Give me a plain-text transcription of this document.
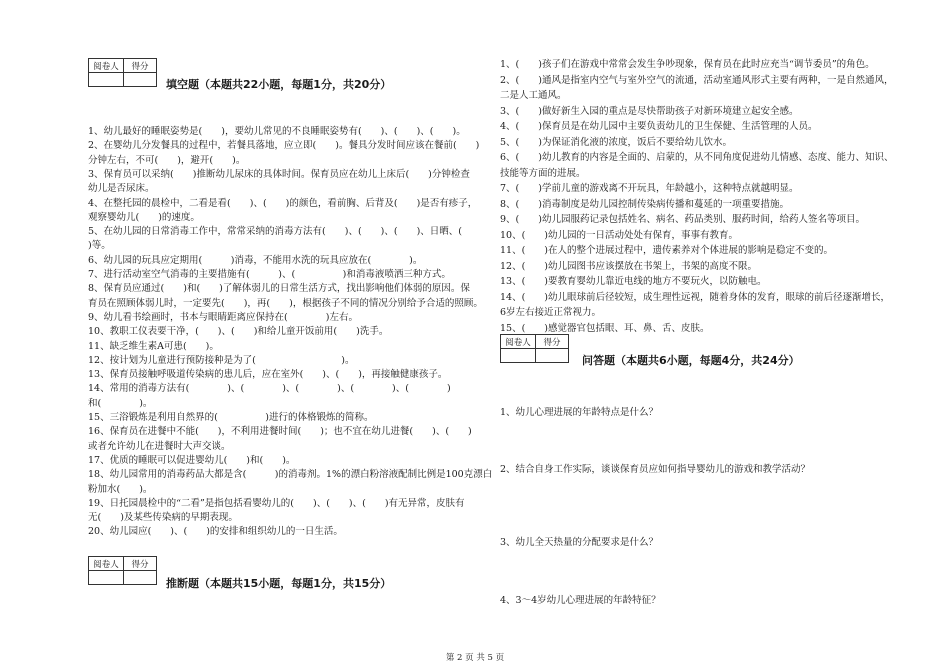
阅卷人	得分

填空题（本题共22小题，每题1分，共20分）
1、幼儿最好的睡眠姿势是(　　)，要幼儿常见的不良睡眠姿势有(　　)、(　　)、(　　)。
2、在婴幼儿分发餐具的过程中，若餐具落地，应立即(　　)。餐具分发时间应该在餐前(　　)
分钟左右，不可(　　)，避开(　　)。
3、保育员可以采纳(　　)推断幼儿尿床的具体时间。保育员应在幼儿上床后(　　)分钟检查
幼儿是否尿床。
4、在整托园的晨检中，二看是看(　　)、(　　)的颜色，看前胸、后背及(　　)是否有疹子，
观察婴幼儿(　　)的速度。
5、在幼儿园的日常消毒工作中，常常采纳的消毒方法有(　　)、(　　)、(　　)、日晒、(　　
)等。
6、幼儿园的玩具应定期用(　　　)消毒，不能用水洗的玩具应放在(　　　　)。
7、进行活动室空气消毒的主要措施有(　　　)、(　　　　　)和消毒液喷洒三种方式。
8、保育员应通过(　　)和(　　)了解体弱儿的日常生活方式，找出影响他们体弱的原因。保
育员在照顾体弱儿时，一定要先(　　)，再(　　)，根据孩子不同的情况分别给予合适的照顾。
9、幼儿看书绘画时，书本与眼睛距离应保持在(　　　　)左右。
10、教职工仪表要干净，(　　)、(　　)和给儿童开饭前用(　　)洗手。
11、缺乏维生素A可患(　　)。
12、按计划为儿童进行预防接种是为了(　　　　　　　　　)。
13、保育员接触呼吸道传染病的患儿后，应在室外(　　)、(　　)，再接触健康孩子。
14、常用的消毒方法有(　　　　)、(　　　　)、(　　　　)、(　　　　)、(　　　　)
和(　　　　)。
15、三浴锻炼是利用自然界的(　　　　　)进行的体格锻炼的简称。
16、保育员在进餐中不能(　　)，不利用进餐时间(　　)；也不宜在幼儿进餐(　　)、(　　)
或者允许幼儿在进餐时大声交谈。
17、优质的睡眠可以促进婴幼儿(　　)和(　　)。
18、幼儿园常用的消毒药品大都是含(　　　)的消毒剂。1%的漂白粉溶液配制比例是100克漂白
粉加水(　　)。
19、日托园晨检中的“二看”是指包括看婴幼儿的(　　)、(　　)、(　　)有无异常，皮肤有
无(　　)及某些传染病的早期表现。
20、幼儿园应(　　)、(　　)的安排和组织幼儿的一日生活。
阅卷人	得分

推断题（本题共15小题，每题1分，共15分）
1、(　　)孩子们在游戏中常常会发生争吵现象，保育员在此时应充当“调节委员”的角色。
2、(　　)通风是指室内空气与室外空气的流通，活动室通风形式主要有两种，一是自然通风，
二是人工通风。
3、(　　)做好新生入园的重点是尽快帮助孩子对新环境建立起安全感。
4、(　　)保育员是在幼儿园中主要负责幼儿的卫生保健、生活管理的人员。
5、(　　)为保证消化液的浓度，饭后不要给幼儿饮水。
6、(　　)幼儿教育的内容是全面的、启蒙的，从不同角度促进幼儿情感、态度、能力、知识、
技能等方面的进展。
7、(　　)学前儿童的游戏离不开玩具，年龄越小，这种特点就越明显。
8、(　　)消毒制度是幼儿园控制传染病传播和蔓延的一项重要措施。
9、(　　)幼儿园服药记录包括姓名、病名、药品类别、服药时间，给药人签名等项目。
10、(　　)幼儿园的一日活动处处有保育，事事有教育。
11、(　　)在人的整个进展过程中，遗传素养对个体进展的影响是稳定不变的。
12、(　　)幼儿园图书应该摆放在书架上，书架的高度不限。
13、(　　)要教育婴幼儿靠近电线的地方不要玩火，以防触电。
14、(　　)幼儿眼球前后径较短，成生理性远视，随着身体的发育，眼球的前后径逐渐增长，
6岁左右接近正常视力。
15、(　　)感觉器官包括眼、耳、鼻、舌、皮肤。
阅卷人	得分

问答题（本题共6小题，每题4分，共24分）
1、幼儿心理进展的年龄特点是什么？
2、结合自身工作实际，谈谈保育员应如何指导婴幼儿的游戏和教学活动？
3、幼儿全天热量的分配要求是什么？
4、3～4岁幼儿心理进展的年龄特征？
第 2 页 共 5 页
